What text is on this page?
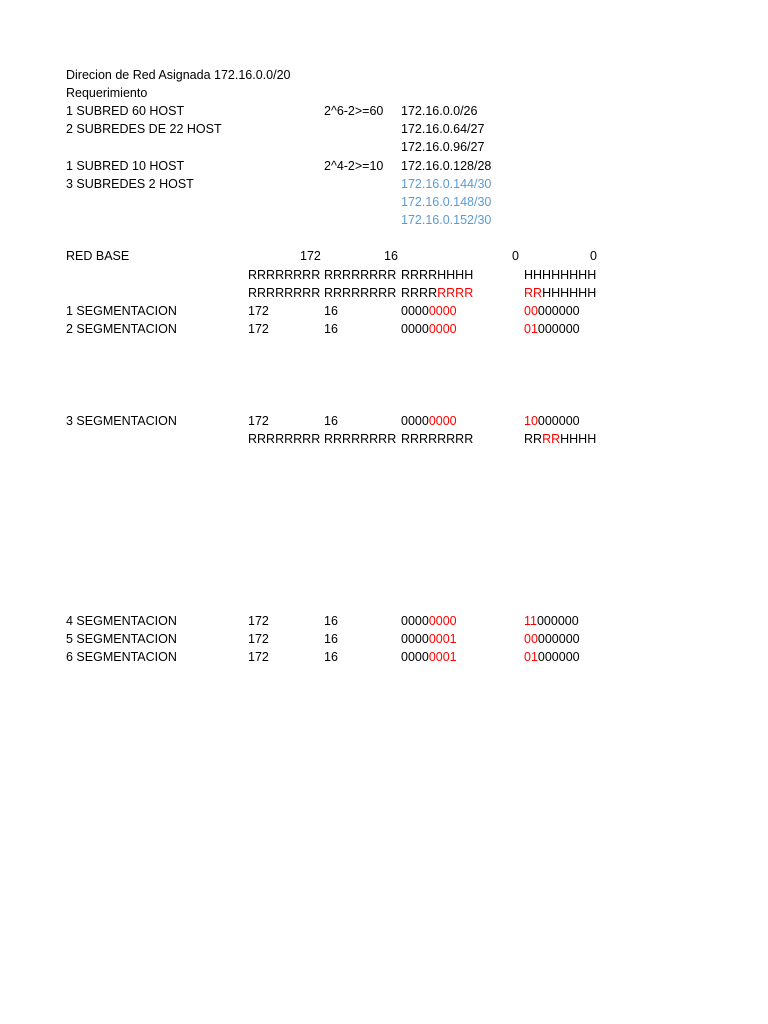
Direcion de Red Asignada 172.16.0.0/20
Requerimiento
1 SUBRED 60 HOST	2^6-2>=60 172.16.0.0/26
2 SUBREDES DE 22 HOST	172.16.0.64/27
172.16.0.96/27
1 SUBRED 10 HOST	2^4-2>=10 172.16.0.128/28
3 SUBREDES 2 HOST	172.16.0.144/30
172.16.0.148/30
172.16.0.152/30
RED BASE	172	16	0	0
RRRRRRRR RRRRRRRR RRRRHHHH	HHHHHHHH
RRRRRRRR RRRRRRRR RRRRRRRR	RRHHHHHH
1 SEGMENTACION	172	16	00000000	00000000
2 SEGMENTACION	172	16	00000000	01000000
3 SEGMENTACION	172	16	00000000	10000000
RRRRRRRR RRRRRRRR RRRRRRRR	RRRRHHHH
4 SEGMENTACION	172	16	00000000	11000000
5 SEGMENTACION	172	16	00000001	00000000
6 SEGMENTACION	172	16	00000001	01000000
